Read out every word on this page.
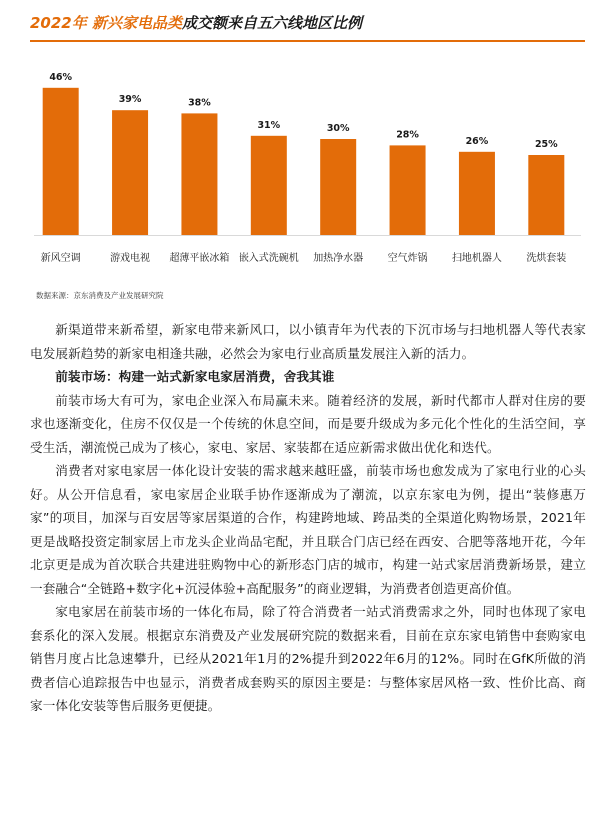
2022年 新兴家电品类成交额来自五六线地区比例
46%
新风空调
39%
游戏电视
38%
超薄平嵌冰箱
31%
嵌入式洗碗机
30%
加热净水器
28%
空气炸锅
26%
扫地机器人
25%
洗烘套装
数据来源：京东消费及产业发展研究院

新渠道带来新希望，新家电带来新风口，以小镇青年为代表的下沉市场与扫地机器人等代表家电发展新趋势的新家电相逢共融，必然会为家电行业高质量发展注入新的活力。

前装市场：构建一站式新家电家居消费，舍我其谁

前装市场大有可为，家电企业深入布局赢未来。随着经济的发展，新时代都市人群对住房的要求也逐渐变化，住房不仅仅是一个传统的休息空间，而是要升级成为多元化个性化的生活空间，享受生活，潮流悦己成为了核心，家电、家居、家装都在适应新需求做出优化和迭代。

消费者对家电家居一体化设计安装的需求越来越旺盛，前装市场也愈发成为了家电行业的心头好。从公开信息看，家电家居企业联手协作逐渐成为了潮流，以京东家电为例，提出“装修惠万家”的项目，加深与百安居等家居渠道的合作，构建跨地域、跨品类的全渠道化购物场景，2021年更是战略投资定制家居上市龙头企业尚品宅配，并且联合门店已经在西安、合肥等落地开花，今年北京更是成为首次联合共建进驻购物中心的新形态门店的城市，构建一站式家居消费新场景，建立一套融合“全链路+数字化+沉浸体验+高配服务”的商业逻辑，为消费者创造更高价值。

家电家居在前装市场的一体化布局，除了符合消费者一站式消费需求之外，同时也体现了家电套系化的深入发展。根据京东消费及产业发展研究院的数据来看，目前在京东家电销售中套购家电销售月度占比急速攀升，已经从2021年1月的2%提升到2022年6月的12%。同时在GfK所做的消费者信心追踪报告中也显示，消费者成套购买的原因主要是：与整体家居风格一致、性价比高、商家一体化安装等售后服务更便捷。
